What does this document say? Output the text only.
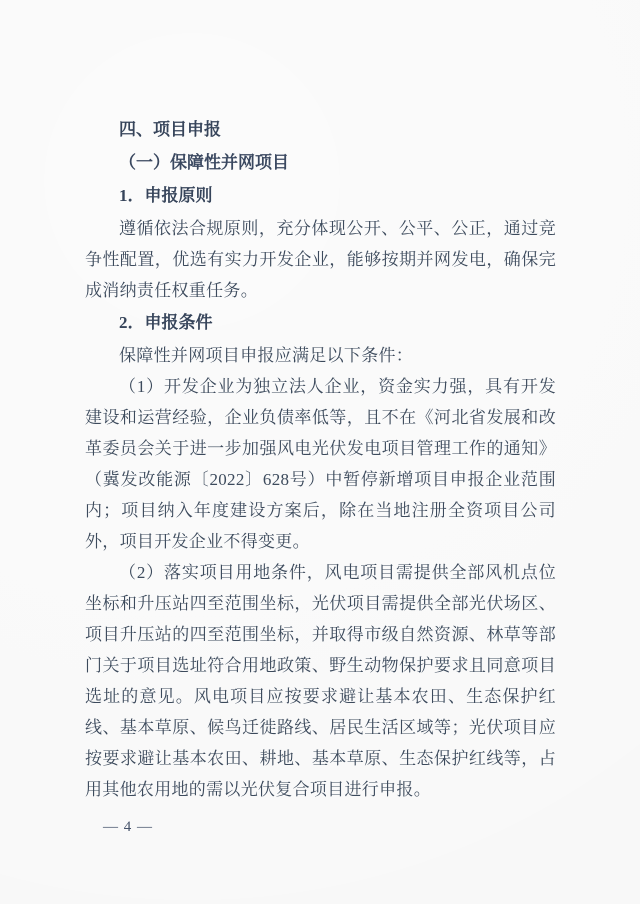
四、项目申报

（一）保障性并网项目

1．申报原则

遵循依法合规原则，充分体现公开、公平、公正，通过竞争性配置，优选有实力开发企业，能够按期并网发电，确保完成消纳责任权重任务。

2．申报条件

保障性并网项目申报应满足以下条件：

（1）开发企业为独立法人企业，资金实力强，具有开发建设和运营经验，企业负债率低等，且不在《河北省发展和改革委员会关于进一步加强风电光伏发电项目管理工作的通知》（冀发改能源〔2022〕628号）中暂停新增项目申报企业范围内；项目纳入年度建设方案后，除在当地注册全资项目公司外，项目开发企业不得变更。

（2）落实项目用地条件，风电项目需提供全部风机点位坐标和升压站四至范围坐标，光伏项目需提供全部光伏场区、项目升压站的四至范围坐标，并取得市级自然资源、林草等部门关于项目选址符合用地政策、野生动物保护要求且同意项目选址的意见。风电项目应按要求避让基本农田、生态保护红线、基本草原、候鸟迁徙路线、居民生活区域等；光伏项目应按要求避让基本农田、耕地、基本草原、生态保护红线等，占用其他农用地的需以光伏复合项目进行申报。

— 4 —
